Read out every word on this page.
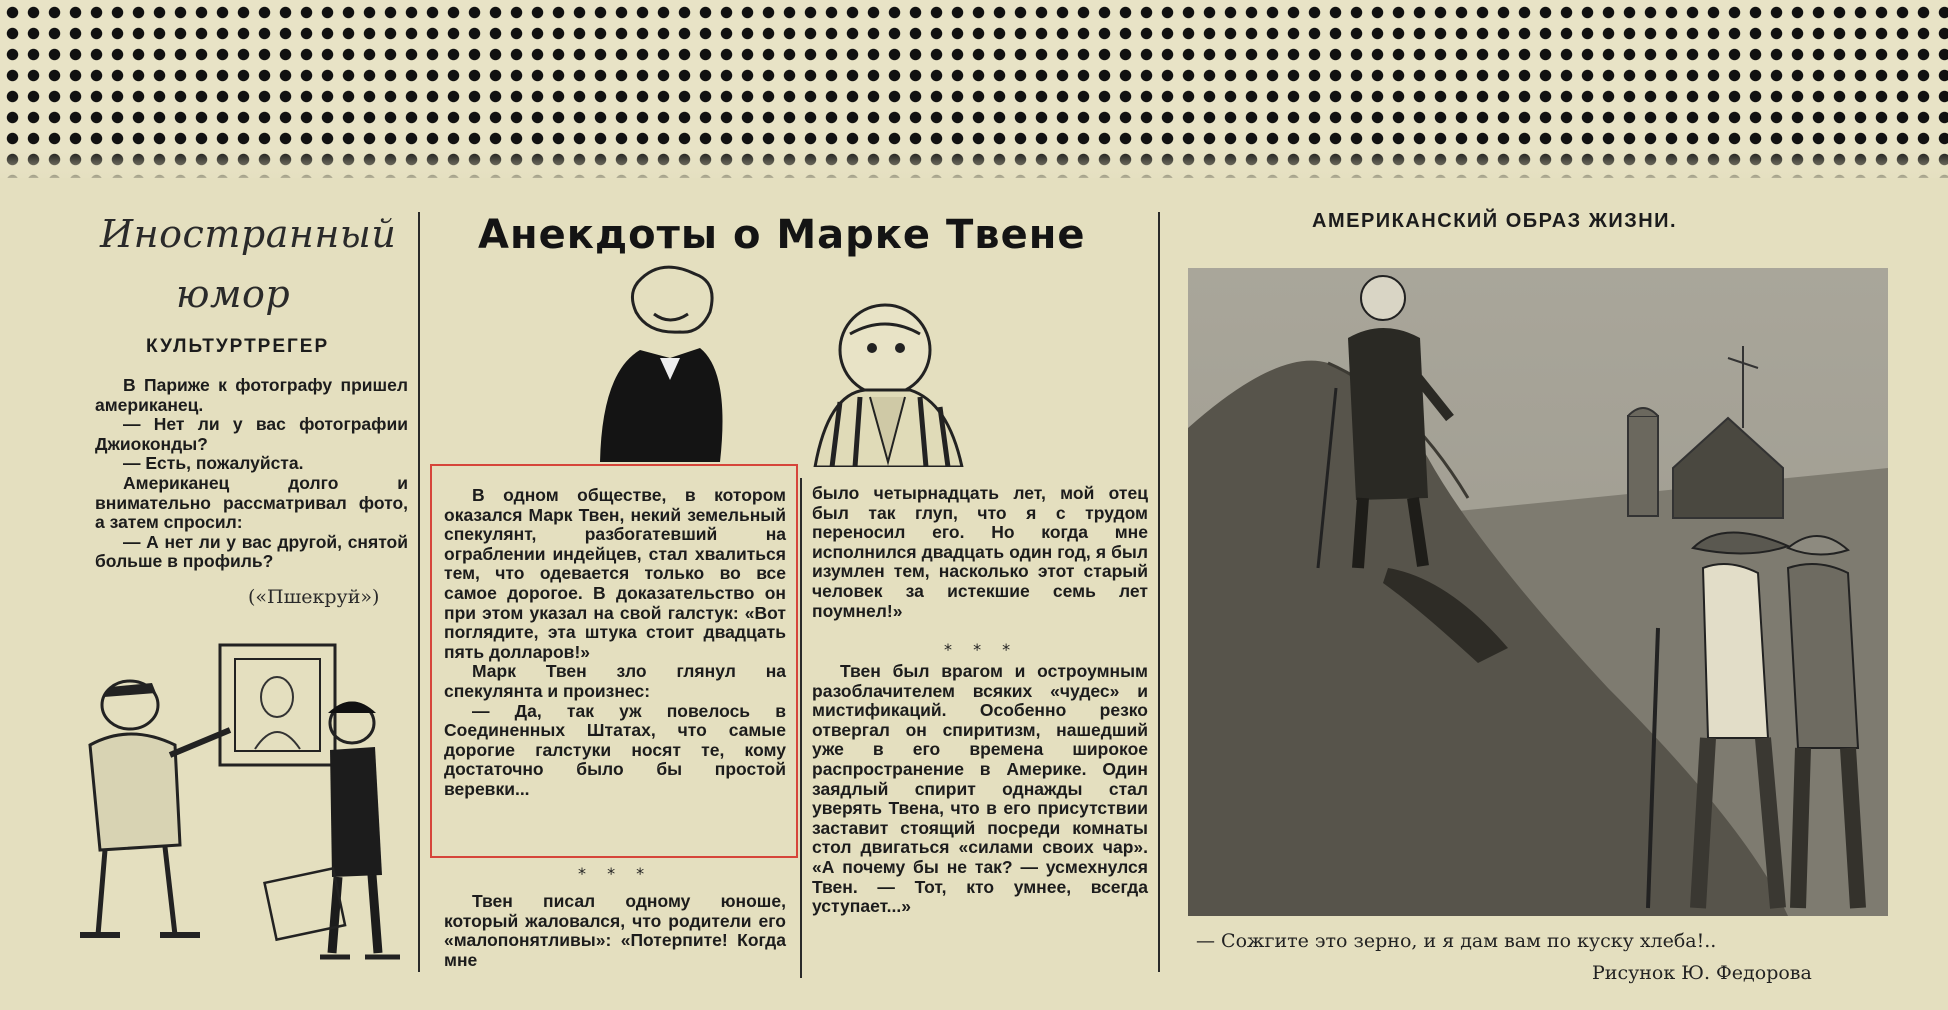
Иностранный
юмор
КУЛЬТУРТРЕГЕР

В Париже к фотографу пришел американец.

— Нет ли у вас фотографии Джиоконды?

— Есть, пожалуйста.

Американец долго и внимательно рассматривал фото, а затем спросил:

— А нет ли у вас другой, снятой больше в профиль?

(«Пшекруй»)
Анекдоты о Марке Твене

В одном обществе, в котором оказался Марк Твен, некий земельный спекулянт, разбогатевший на ограблении индейцев, стал хвалиться тем, что одевается только во все самое дорогое. В доказательство он при этом указал на свой галстук: «Вот поглядите, эта штука стоит двадцать пять долларов!»

Марк Твен зло глянул на спекулянта и произнес:

— Да, так уж повелось в Соединенных Штатах, что самые дорогие галстуки носят те, кому достаточно было бы простой веревки...

* * *

Твен писал одному юноше, который жаловался, что родители его «малопонятливы»: «Потерпите! Когда мне

было четырнадцать лет, мой отец был так глуп, что я с трудом переносил его. Но когда мне исполнился двадцать один год, я был изумлен тем, насколько этот старый человек за истекшие семь лет поумнел!»

* * *

Твен был врагом и остроумным разоблачителем всяких «чудес» и мистификаций. Особенно резко отвергал он спиритизм, нашедший уже в его времена широкое распространение в Америке. Один заядлый спирит однажды стал уверять Твена, что в его присутствии заставит стоящий посреди комнаты стол двигаться «силами своих чар». «А почему бы не так? — усмехнулся Твен. — Тот, кто умнее, всегда уступает...»

АМЕРИКАНСКИЙ ОБРАЗ ЖИЗНИ.
— Сожгите это зерно, и я дам вам по куску хлеба!..
Рисунок Ю. Федорова
